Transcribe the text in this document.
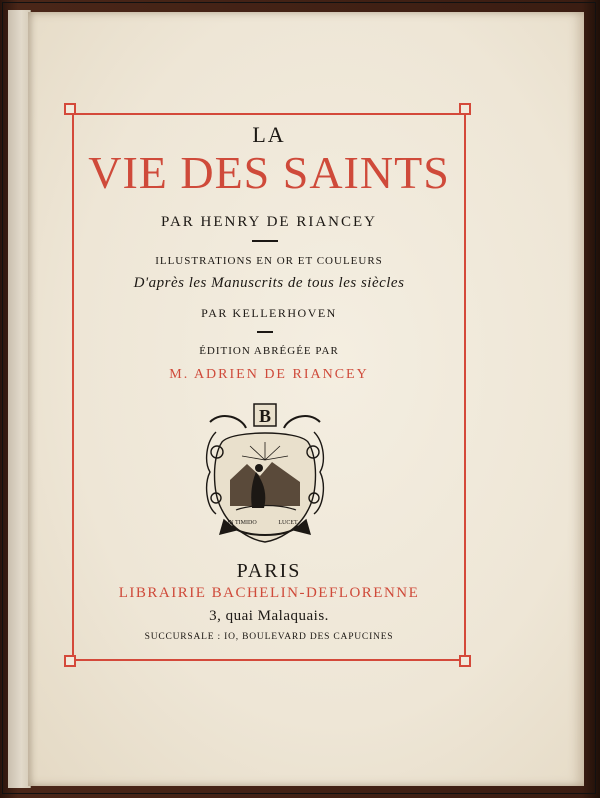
LA
VIE DES SAINTS
PAR HENRY DE RIANCEY
ILLUSTRATIONS EN OR ET COULEURS
D'après les Manuscrits de tous les siècles
PAR KELLERHOVEN
ÉDITION ABRÉGÉE PAR
M. ADRIEN DE RIANCEY
B
IN TIMIDO	LUCET
PARIS
LIBRAIRIE BACHELIN-DEFLORENNE
3, quai Malaquais.
SUCCURSALE : IO, BOULEVARD DES CAPUCINES
